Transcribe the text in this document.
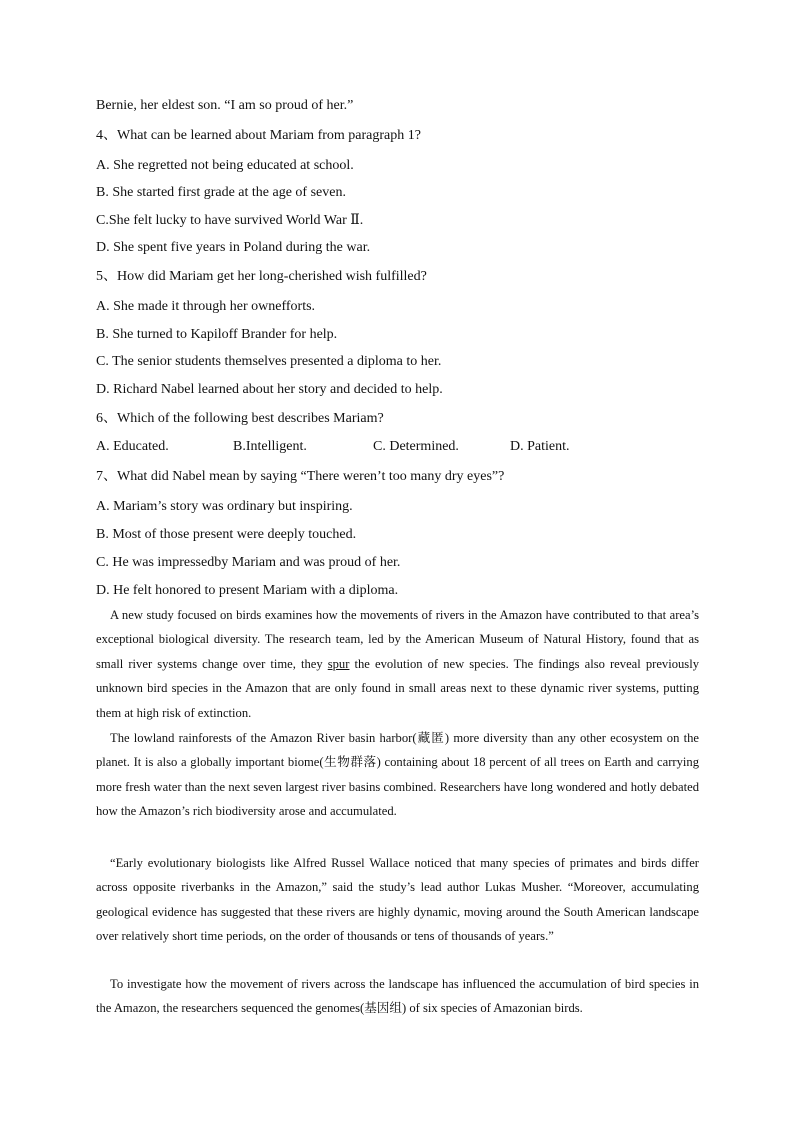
Bernie, her eldest son. “I am so proud of her.”
4、What can be learned about Mariam from paragraph 1?
A. She regretted not being educated at school.
B. She started first grade at the age of seven.
C.She felt lucky to have survived World War Ⅱ.
D. She spent five years in Poland during the war.
5、How did Mariam get her long-cherished wish fulfilled?
A. She made it through her ownefforts.
B. She turned to Kapiloff Brander for help.
C. The senior students themselves presented a diploma to her.
D. Richard Nabel learned about her story and decided to help.
6、Which of the following best describes Mariam?
A. Educated.	B.Intelligent.	C. Determined.	D. Patient.
7、What did Nabel mean by saying “There weren’t too many dry eyes”?
A. Mariam’s story was ordinary but inspiring.
B. Most of those present were deeply touched.
C. He was impressedby Mariam and was proud of her.
D. He felt honored to present Mariam with a diploma.
A new study focused on birds examines how the movements of rivers in the Amazon have contributed to that area’s exceptional biological diversity. The research team, led by the American Museum of Natural History, found that as small river systems change over time, they spur the evolution of new species. The findings also reveal previously unknown bird species in the Amazon that are only found in small areas next to these dynamic river systems, putting them at high risk of extinction.
The lowland rainforests of the Amazon River basin harbor(藏匿) more diversity than any other ecosystem on the planet. It is also a globally important biome(生物群落) containing about 18 percent of all trees on Earth and carrying more fresh water than the next seven largest river basins combined. Researchers have long wondered and hotly debated how the Amazon’s rich biodiversity arose and accumulated.
“Early evolutionary biologists like Alfred Russel Wallace noticed that many species of primates and birds differ across opposite riverbanks in the Amazon,” said the study’s lead author Lukas Musher. “Moreover, accumulating geological evidence has suggested that these rivers are highly dynamic, moving around the South American landscape over relatively short time periods, on the order of thousands or tens of thousands of years.”
To investigate how the movement of rivers across the landscape has influenced the accumulation of bird species in the Amazon, the researchers sequenced the genomes(基因组) of six species of Amazonian birds.
